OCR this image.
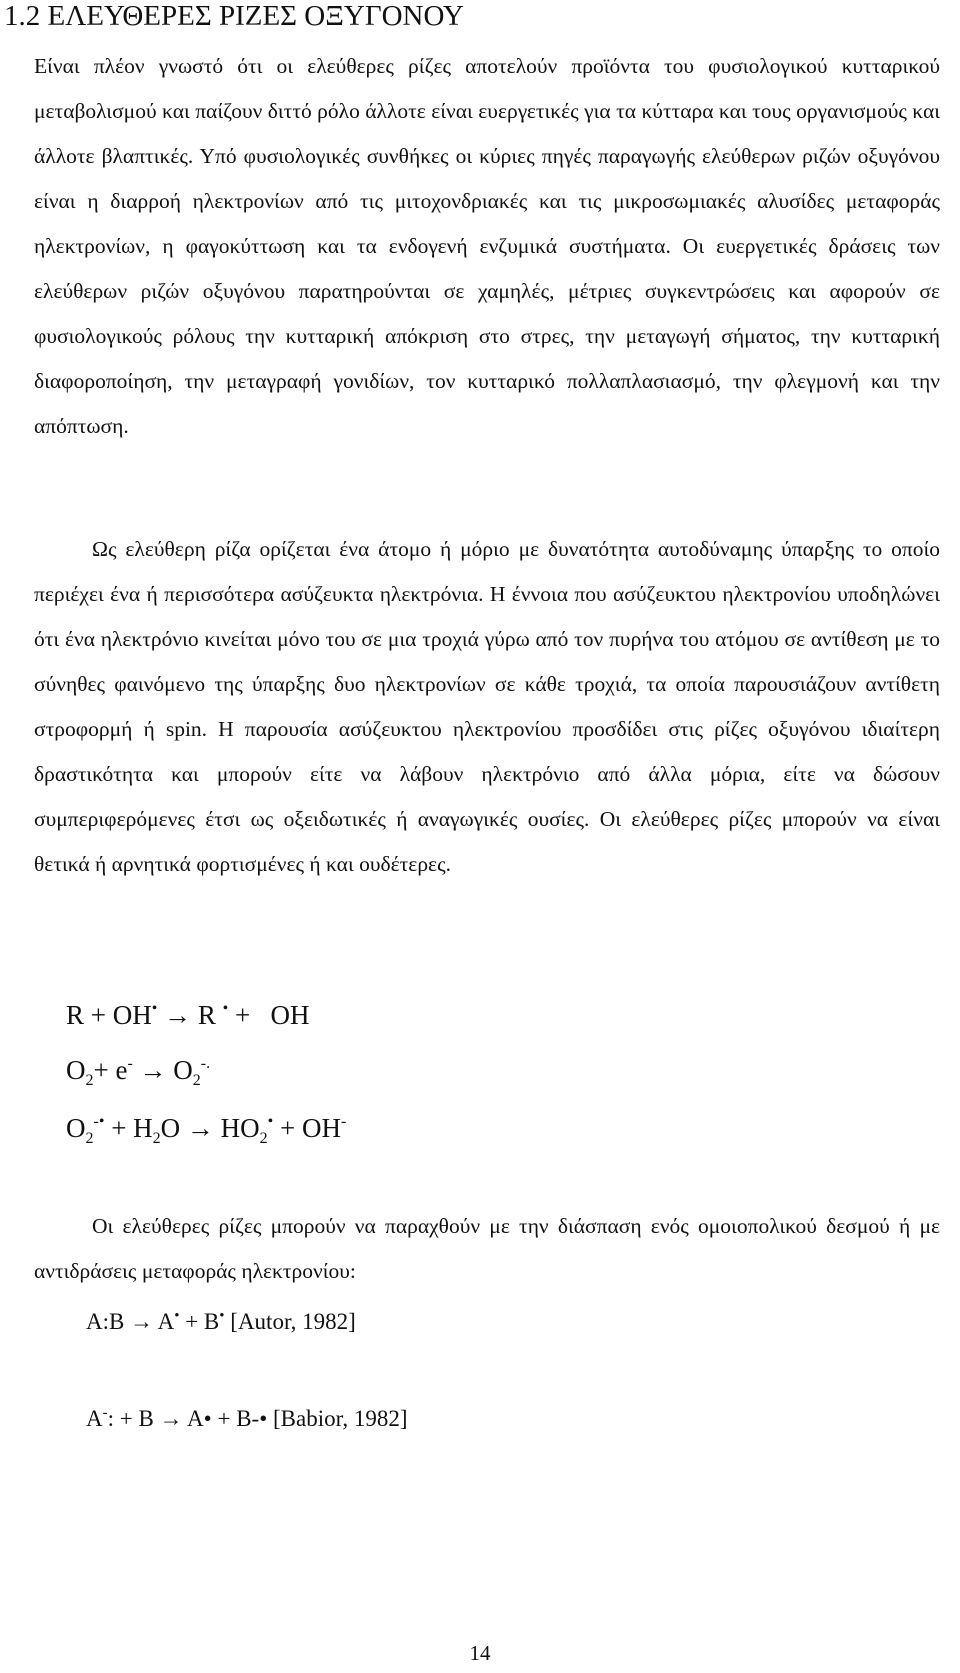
1.2 ΕΛΕΥΘΕΡΕΣ ΡΙΖΕΣ ΟΞΥΓΟΝΟΥ

Είναι πλέον γνωστό ότι οι ελεύθερες ρίζες αποτελούν προϊόντα του φυσιολογικού κυτταρικού μεταβολισμού και παίζουν διττό ρόλο άλλοτε είναι ευεργετικές για τα κύτταρα και τους οργανισμούς και άλλοτε βλαπτικές. Υπό φυσιολογικές συνθήκες οι κύριες πηγές παραγωγής ελεύθερων ριζών οξυγόνου είναι η διαρροή ηλεκτρονίων από τις μιτοχονδριακές και τις μικροσωμιακές αλυσίδες μεταφοράς ηλεκτρονίων, η φαγοκύττωση και τα ενδογενή ενζυμικά συστήματα. Οι ευεργετικές δράσεις των ελεύθερων ριζών οξυγόνου παρατηρούνται σε χαμηλές, μέτριες συγκεντρώσεις και αφορούν σε φυσιολογικούς ρόλους την κυτταρική απόκριση στο στρες, την μεταγωγή σήματος, την κυτταρική διαφοροποίηση, την μεταγραφή γονιδίων, τον κυτταρικό πολλαπλασιασμό, την φλεγμονή και την απόπτωση.

Ως ελεύθερη ρίζα ορίζεται ένα άτομο ή μόριο με δυνατότητα αυτοδύναμης ύπαρξης το οποίο περιέχει ένα ή περισσότερα ασύζευκτα ηλεκτρόνια. Η έννοια που ασύζευκτου ηλεκτρονίου υποδηλώνει ότι ένα ηλεκτρόνιο κινείται μόνο του σε μια τροχιά γύρω από τον πυρήνα του ατόμου σε αντίθεση με το σύνηθες φαινόμενο της ύπαρξης δυο ηλεκτρονίων σε κάθε τροχιά, τα οποία παρουσιάζουν αντίθετη στροφορμή ή spin. Η παρουσία ασύζευκτου ηλεκτρονίου προσδίδει στις ρίζες οξυγόνου ιδιαίτερη δραστικότητα και μπορούν είτε να λάβουν ηλεκτρόνιο από άλλα μόρια, είτε να δώσουν συμπεριφερόμενες έτσι ως οξειδωτικές ή αναγωγικές ουσίες. Οι ελεύθερες ρίζες μπορούν να είναι θετικά ή αρνητικά φορτισμένες ή και ουδέτερες.

R + OH• → R • +   OH
$O_2+ e^- \to O_2^{-.}$
$O_2^{-•} + H_2O \to HO_2^• + OH^-$

Οι ελεύθερες ρίζες μπορούν να παραχθούν με την διάσπαση ενός ομοιοπολικού δεσμού ή με αντιδράσεις μεταφοράς ηλεκτρονίου:

A:B → A• + B• [Autor, 1982]
A-: + B → A• + B-• [Babior, 1982]
14
